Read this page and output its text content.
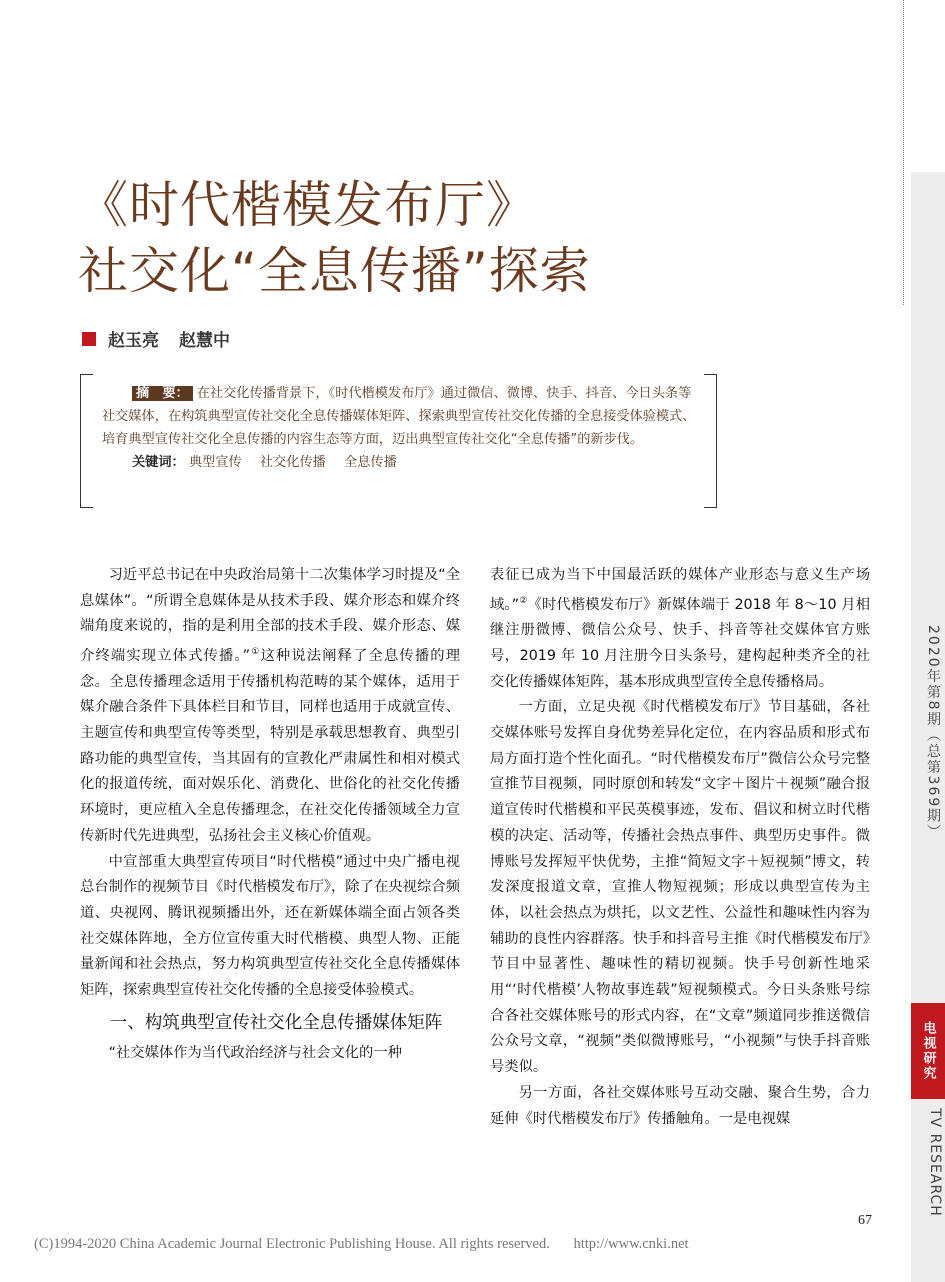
《时代楷模发布厅》
社交化“全息传播”探索
赵玉亮 赵慧中
摘　要： 在社交化传播背景下，《时代楷模发布厅》通过微信、微博、快手、抖音、今日头条等社交媒体，在构筑典型宣传社交化全息传播媒体矩阵、探索典型宣传社交化传播的全息接受体验模式、培育典型宣传社交化全息传播的内容生态等方面，迈出典型宣传社交化“全息传播”的新步伐。
关键词： 典型宣传 社交化传播 全息传播

习近平总书记在中央政治局第十二次集体学习时提及“全息媒体”。“所谓全息媒体是从技术手段、媒介形态和媒介终端角度来说的，指的是利用全部的技术手段、媒介形态、媒介终端实现立体式传播。”①这种说法阐释了全息传播的理念。全息传播理念适用于传播机构范畴的某个媒体，适用于媒介融合条件下具体栏目和节目，同样也适用于成就宣传、主题宣传和典型宣传等类型，特别是承载思想教育、典型引路功能的典型宣传，当其固有的宣教化严肃属性和相对模式化的报道传统，面对娱乐化、消费化、世俗化的社交化传播环境时，更应植入全息传播理念，在社交化传播领域全力宣传新时代先进典型，弘扬社会主义核心价值观。

中宣部重大典型宣传项目“时代楷模”通过中央广播电视总台制作的视频节目《时代楷模发布厅》，除了在央视综合频道、央视网、腾讯视频播出外，还在新媒体端全面占领各类社交媒体阵地，全方位宣传重大时代楷模、典型人物、正能量新闻和社会热点，努力构筑典型宣传社交化全息传播媒体矩阵，探索典型宣传社交化传播的全息接受体验模式。

一、构筑典型宣传社交化全息传播媒体矩阵

“社交媒体作为当代政治经济与社会文化的一种

表征已成为当下中国最活跃的媒体产业形态与意义生产场域。”②《时代楷模发布厅》新媒体端于 2018 年 8～10 月相继注册微博、微信公众号、快手、抖音等社交媒体官方账号，2019 年 10 月注册今日头条号，建构起种类齐全的社交化传播媒体矩阵，基本形成典型宣传全息传播格局。

一方面，立足央视《时代楷模发布厅》节目基础，各社交媒体账号发挥自身优势差异化定位，在内容品质和形式布局方面打造个性化面孔。“时代楷模发布厅”微信公众号完整宣推节目视频，同时原创和转发“文字＋图片＋视频”融合报道宣传时代楷模和平民英模事迹，发布、倡议和树立时代楷模的决定、活动等，传播社会热点事件、典型历史事件。微博账号发挥短平快优势，主推“简短文字＋短视频”博文，转发深度报道文章，宣推人物短视频；形成以典型宣传为主体，以社会热点为烘托，以文艺性、公益性和趣味性内容为辅助的良性内容群落。快手和抖音号主推《时代楷模发布厅》节目中显著性、趣味性的精切视频。快手号创新性地采用“‘时代楷模’人物故事连载”短视频模式。今日头条账号综合各社交媒体账号的形式内容，在“文章”频道同步推送微信公众号文章，“视频”类似微博账号，“小视频”与快手抖音账号类似。

另一方面，各社交媒体账号互动交融、聚合生势，合力延伸《时代楷模发布厅》传播触角。一是电视媒

2020年第8期（总第369期）
电视研究
TV RESEARCH
67
(C)1994-2020 China Academic Journal Electronic Publishing House. All rights reserved. http://www.cnki.net
